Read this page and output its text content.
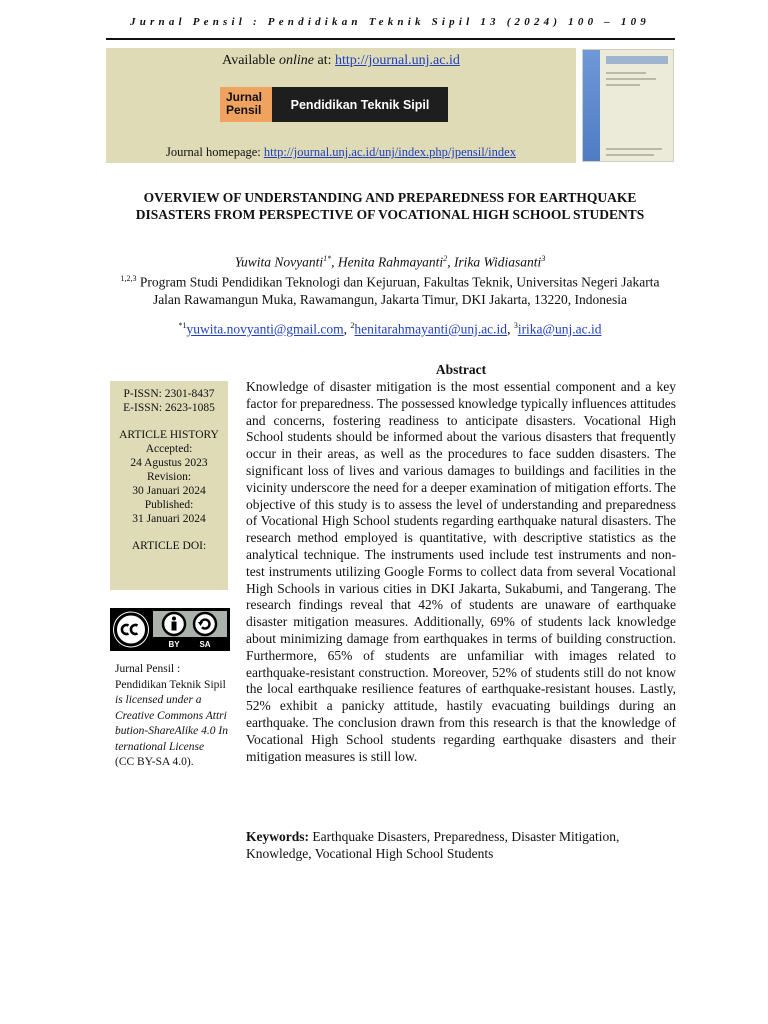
Jurnal Pensil : Pendidikan Teknik Sipil 13 (2024) 100 – 109
Available online at: http://journal.unj.ac.id
Jurnal
Pensil	Pendidikan Teknik Sipil
Journal homepage: http://journal.unj.ac.id/unj/index.php/jpensil/index
OVERVIEW OF UNDERSTANDING AND PREPAREDNESS FOR EARTHQUAKE DISASTERS FROM PERSPECTIVE OF VOCATIONAL HIGH SCHOOL STUDENTS
Yuwita Novyanti$^{1*}$, Henita Rahmayanti$^2$, Irika Widiasanti$^3$
$^{1,2,3}$ Program Studi Pendidikan Teknologi dan Kejuruan, Fakultas Teknik, Universitas Negeri Jakarta
Jalan Rawamangun Muka, Rawamangun, Jakarta Timur, DKI Jakarta, 13220, Indonesia
$^{*1}$yuwita.novyanti@gmail.com, $^2$henitarahmayanti@unj.ac.id, $^3$irika@unj.ac.id
Abstract
P-ISSN: 2301-8437
E-ISSN: 2623-1085
ARTICLE HISTORY
Accepted:
24 Agustus 2023
Revision:
30 Januari 2024
Published:
31 Januari 2024
ARTICLE DOI:
BY SA
Jurnal Pensil : Pendidikan Teknik Sipil is licensed under a
Creative Commons Attribution-ShareAlike 4.0 International License
(CC BY-SA 4.0).

Knowledge of disaster mitigation is the most essential component and a key factor for preparedness. The possessed knowledge typically influences attitudes and concerns, fostering readiness to anticipate disasters. Vocational High School students should be informed about the various disasters that frequently occur in their areas, as well as the procedures to face sudden disasters. The significant loss of lives and various damages to buildings and facilities in the vicinity underscore the need for a deeper examination of mitigation efforts. The objective of this study is to assess the level of understanding and preparedness of Vocational High School students regarding earthquake natural disasters. The research method employed is quantitative, with descriptive statistics as the analytical technique. The instruments used include test instruments and non-test instruments utilizing Google Forms to collect data from several Vocational High Schools in various cities in DKI Jakarta, Sukabumi, and Tangerang. The research findings reveal that 42% of students are unaware of earthquake disaster mitigation measures. Additionally, 69% of students lack knowledge about minimizing damage from earthquakes in terms of building construction. Furthermore, 65% of students are unfamiliar with images related to earthquake-resistant construction. Moreover, 52% of students still do not know the local earthquake resilience features of earthquake-resistant houses. Lastly, 52% exhibit a panicky attitude, hastily evacuating buildings during an earthquake. The conclusion drawn from this research is that the knowledge of Vocational High School students regarding earthquake disasters and their mitigation measures is still low.

Keywords: Earthquake Disasters, Preparedness, Disaster Mitigation, Knowledge, Vocational High School Students
